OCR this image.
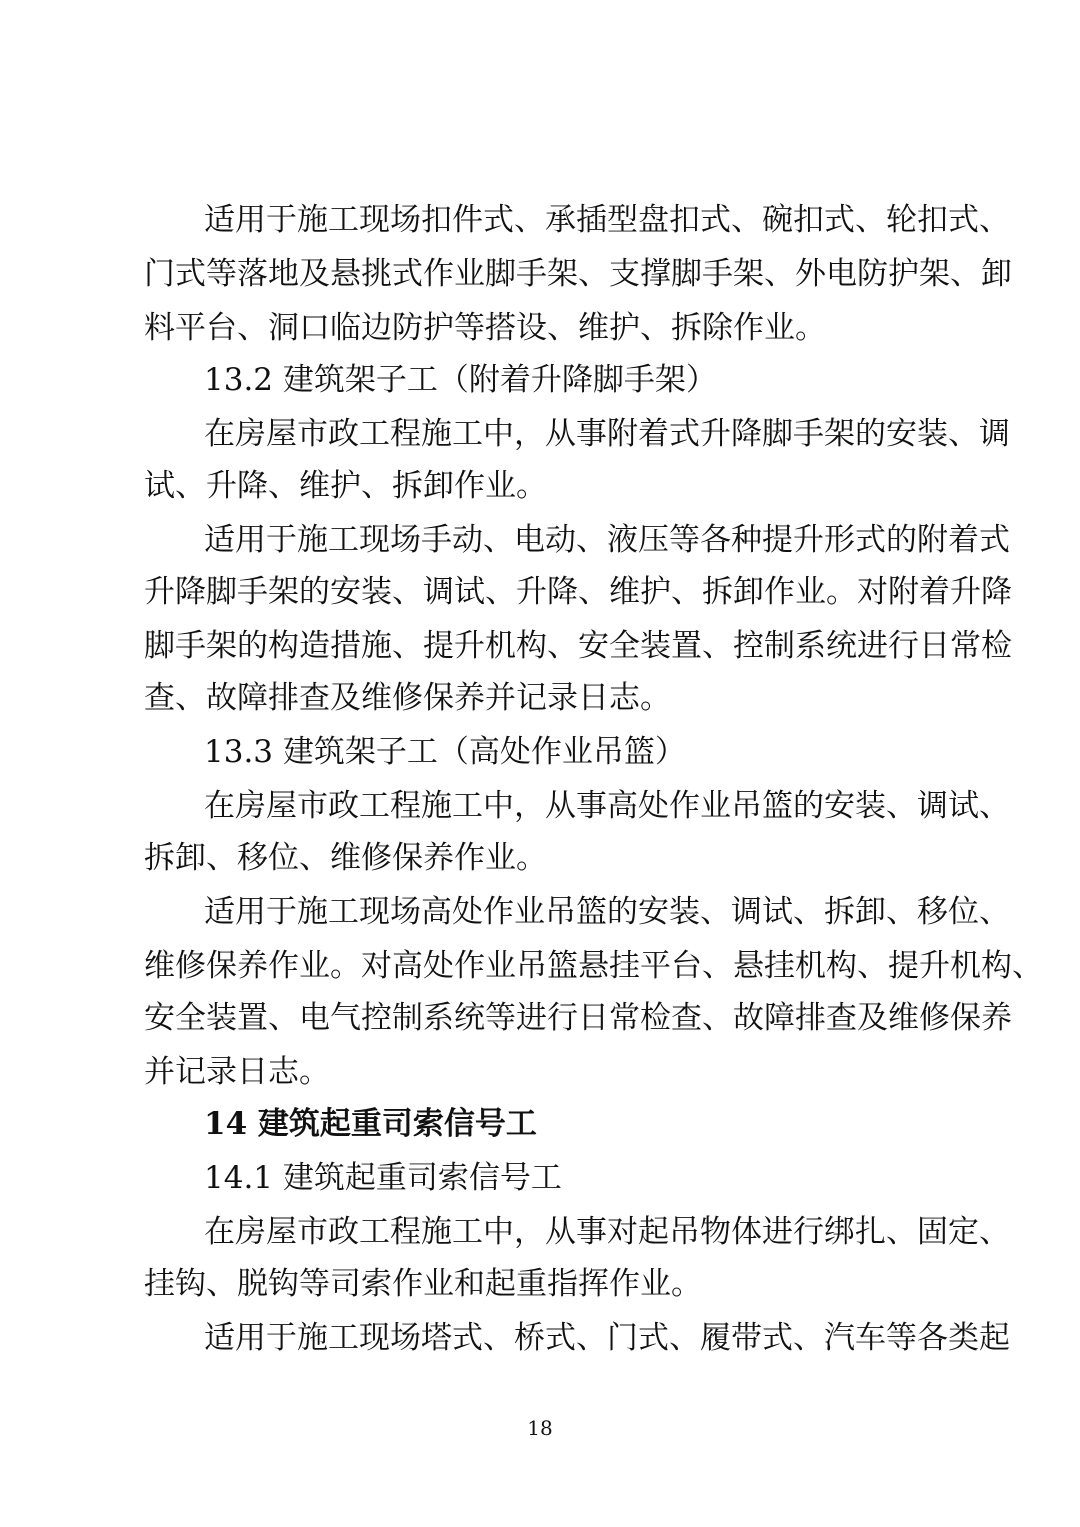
适用于施工现场扣件式、承插型盘扣式、碗扣式、轮扣式、
门式等落地及悬挑式作业脚手架、支撑脚手架、外电防护架、卸
料平台、洞口临边防护等搭设、维护、拆除作业。
13.2 建筑架子工（附着升降脚手架）
在房屋市政工程施工中，从事附着式升降脚手架的安装、调
试、升降、维护、拆卸作业。
适用于施工现场手动、电动、液压等各种提升形式的附着式
升降脚手架的安装、调试、升降、维护、拆卸作业。对附着升降
脚手架的构造措施、提升机构、安全装置、控制系统进行日常检
查、故障排查及维修保养并记录日志。
13.3 建筑架子工（高处作业吊篮）
在房屋市政工程施工中，从事高处作业吊篮的安装、调试、
拆卸、移位、维修保养作业。
适用于施工现场高处作业吊篮的安装、调试、拆卸、移位、
维修保养作业。对高处作业吊篮悬挂平台、悬挂机构、提升机构、
安全装置、电气控制系统等进行日常检查、故障排查及维修保养
并记录日志。
14 建筑起重司索信号工
14.1 建筑起重司索信号工
在房屋市政工程施工中，从事对起吊物体进行绑扎、固定、
挂钩、脱钩等司索作业和起重指挥作业。
适用于施工现场塔式、桥式、门式、履带式、汽车等各类起
18
